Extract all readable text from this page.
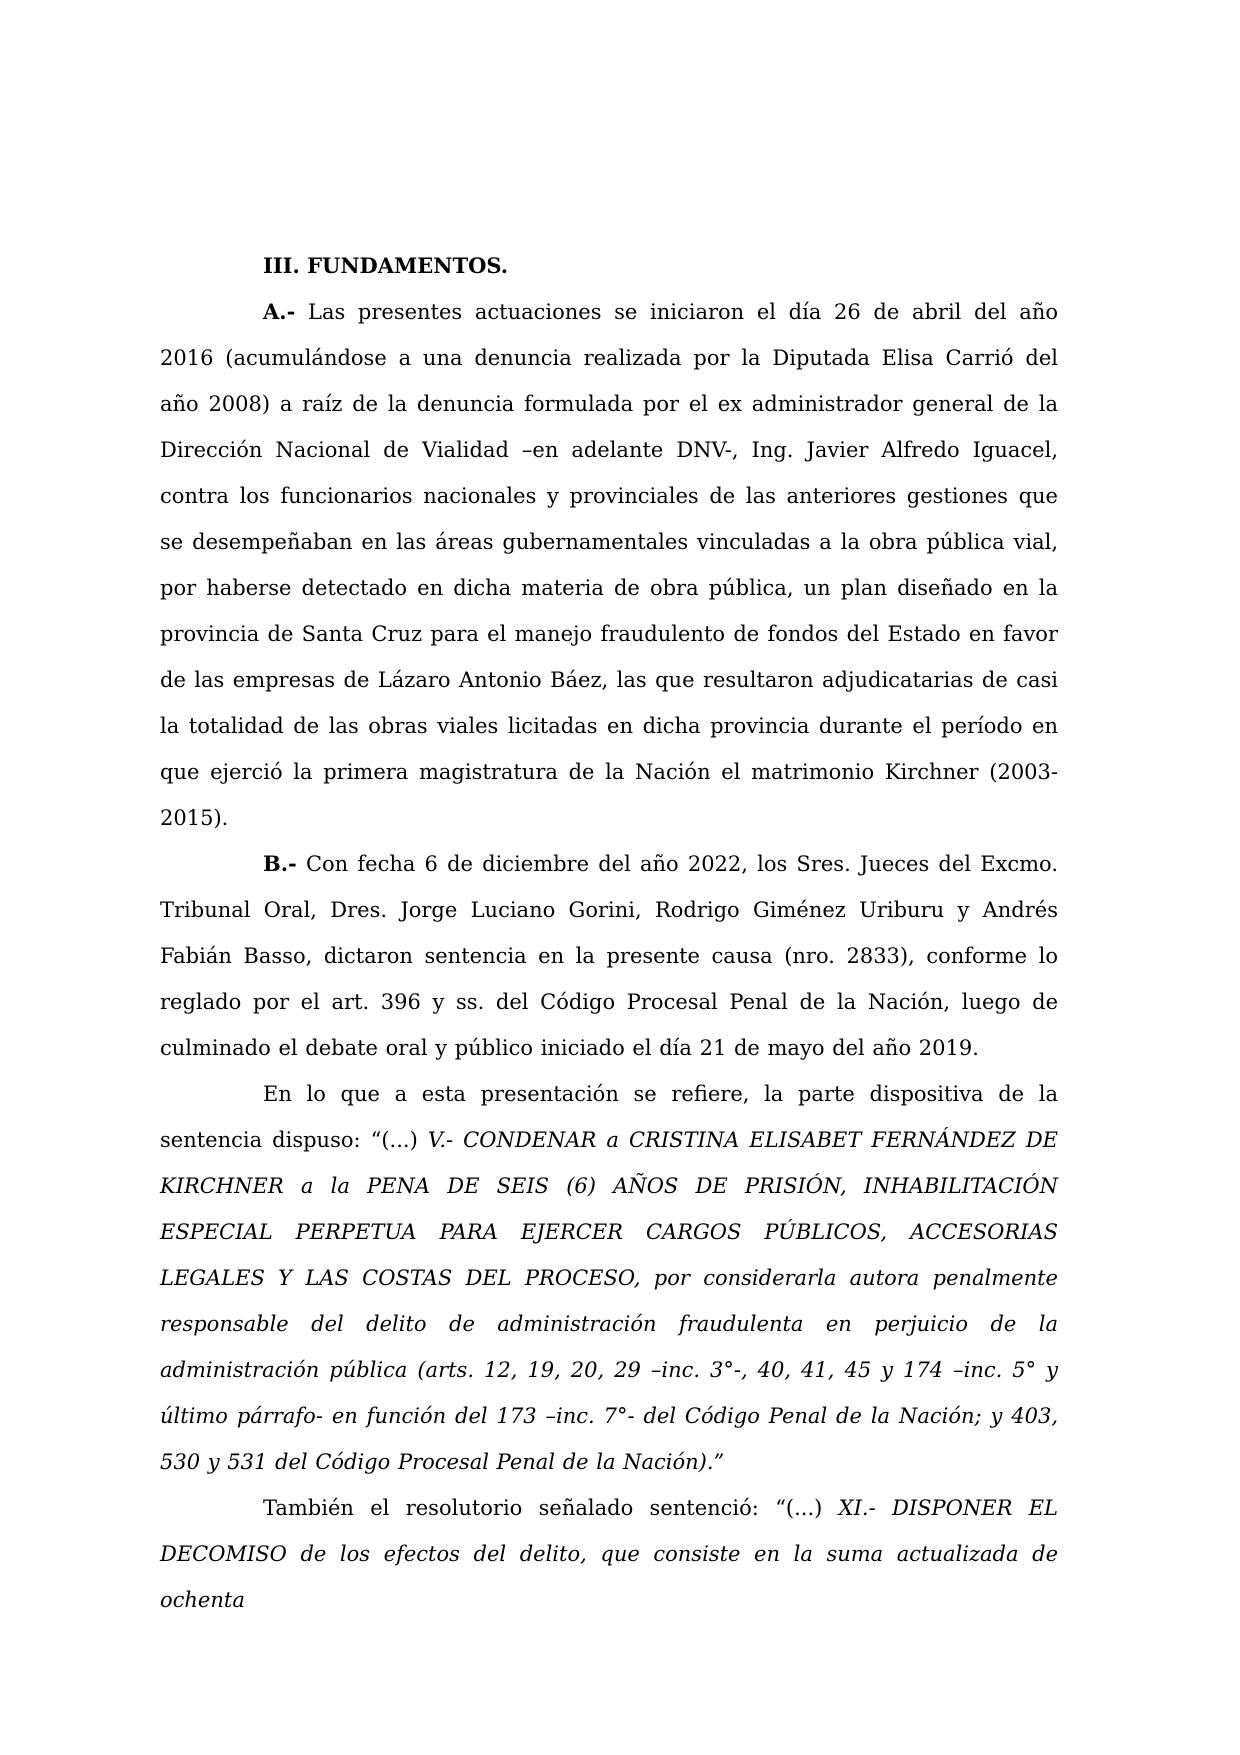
III. FUNDAMENTOS.

A.- Las presentes actuaciones se iniciaron el día 26 de abril del año 2016 (acumulándose a una denuncia realizada por la Diputada Elisa Carrió del año 2008) a raíz de la denuncia formulada por el ex administrador general de la Dirección Nacional de Vialidad –en adelante DNV-, Ing. Javier Alfredo Iguacel, contra los funcionarios nacionales y provinciales de las anteriores gestiones que se desempeñaban en las áreas gubernamentales vinculadas a la obra pública vial, por haberse detectado en dicha materia de obra pública, un plan diseñado en la provincia de Santa Cruz para el manejo fraudulento de fondos del Estado en favor de las empresas de Lázaro Antonio Báez, las que resultaron adjudicatarias de casi la totalidad de las obras viales licitadas en dicha provincia durante el período en que ejerció la primera magistratura de la Nación el matrimonio Kirchner (2003-2015).

B.- Con fecha 6 de diciembre del año 2022, los Sres. Jueces del Excmo. Tribunal Oral, Dres. Jorge Luciano Gorini, Rodrigo Giménez Uriburu y Andrés Fabián Basso, dictaron sentencia en la presente causa (nro. 2833), conforme lo reglado por el art. 396 y ss. del Código Procesal Penal de la Nación, luego de culminado el debate oral y público iniciado el día 21 de mayo del año 2019.

En lo que a esta presentación se refiere, la parte dispositiva de la sentencia dispuso: “(...) V.- CONDENAR a CRISTINA ELISABET FERNÁNDEZ DE KIRCHNER a la PENA DE SEIS (6) AÑOS DE PRISIÓN, INHABILITACIÓN ESPECIAL PERPETUA PARA EJERCER CARGOS PÚBLICOS, ACCESORIAS LEGALES Y LAS COSTAS DEL PROCESO, por considerarla autora penalmente responsable del delito de administración fraudulenta en perjuicio de la administración pública (arts. 12, 19, 20, 29 –inc. 3°-, 40, 41, 45 y 174 –inc. 5° y último párrafo- en función del 173 –inc. 7°- del Código Penal de la Nación; y 403, 530 y 531 del Código Procesal Penal de la Nación).”

También el resolutorio señalado sentenció: “(...) XI.- DISPONER EL DECOMISO de los efectos del delito, que consiste en la suma actualizada de ochenta
